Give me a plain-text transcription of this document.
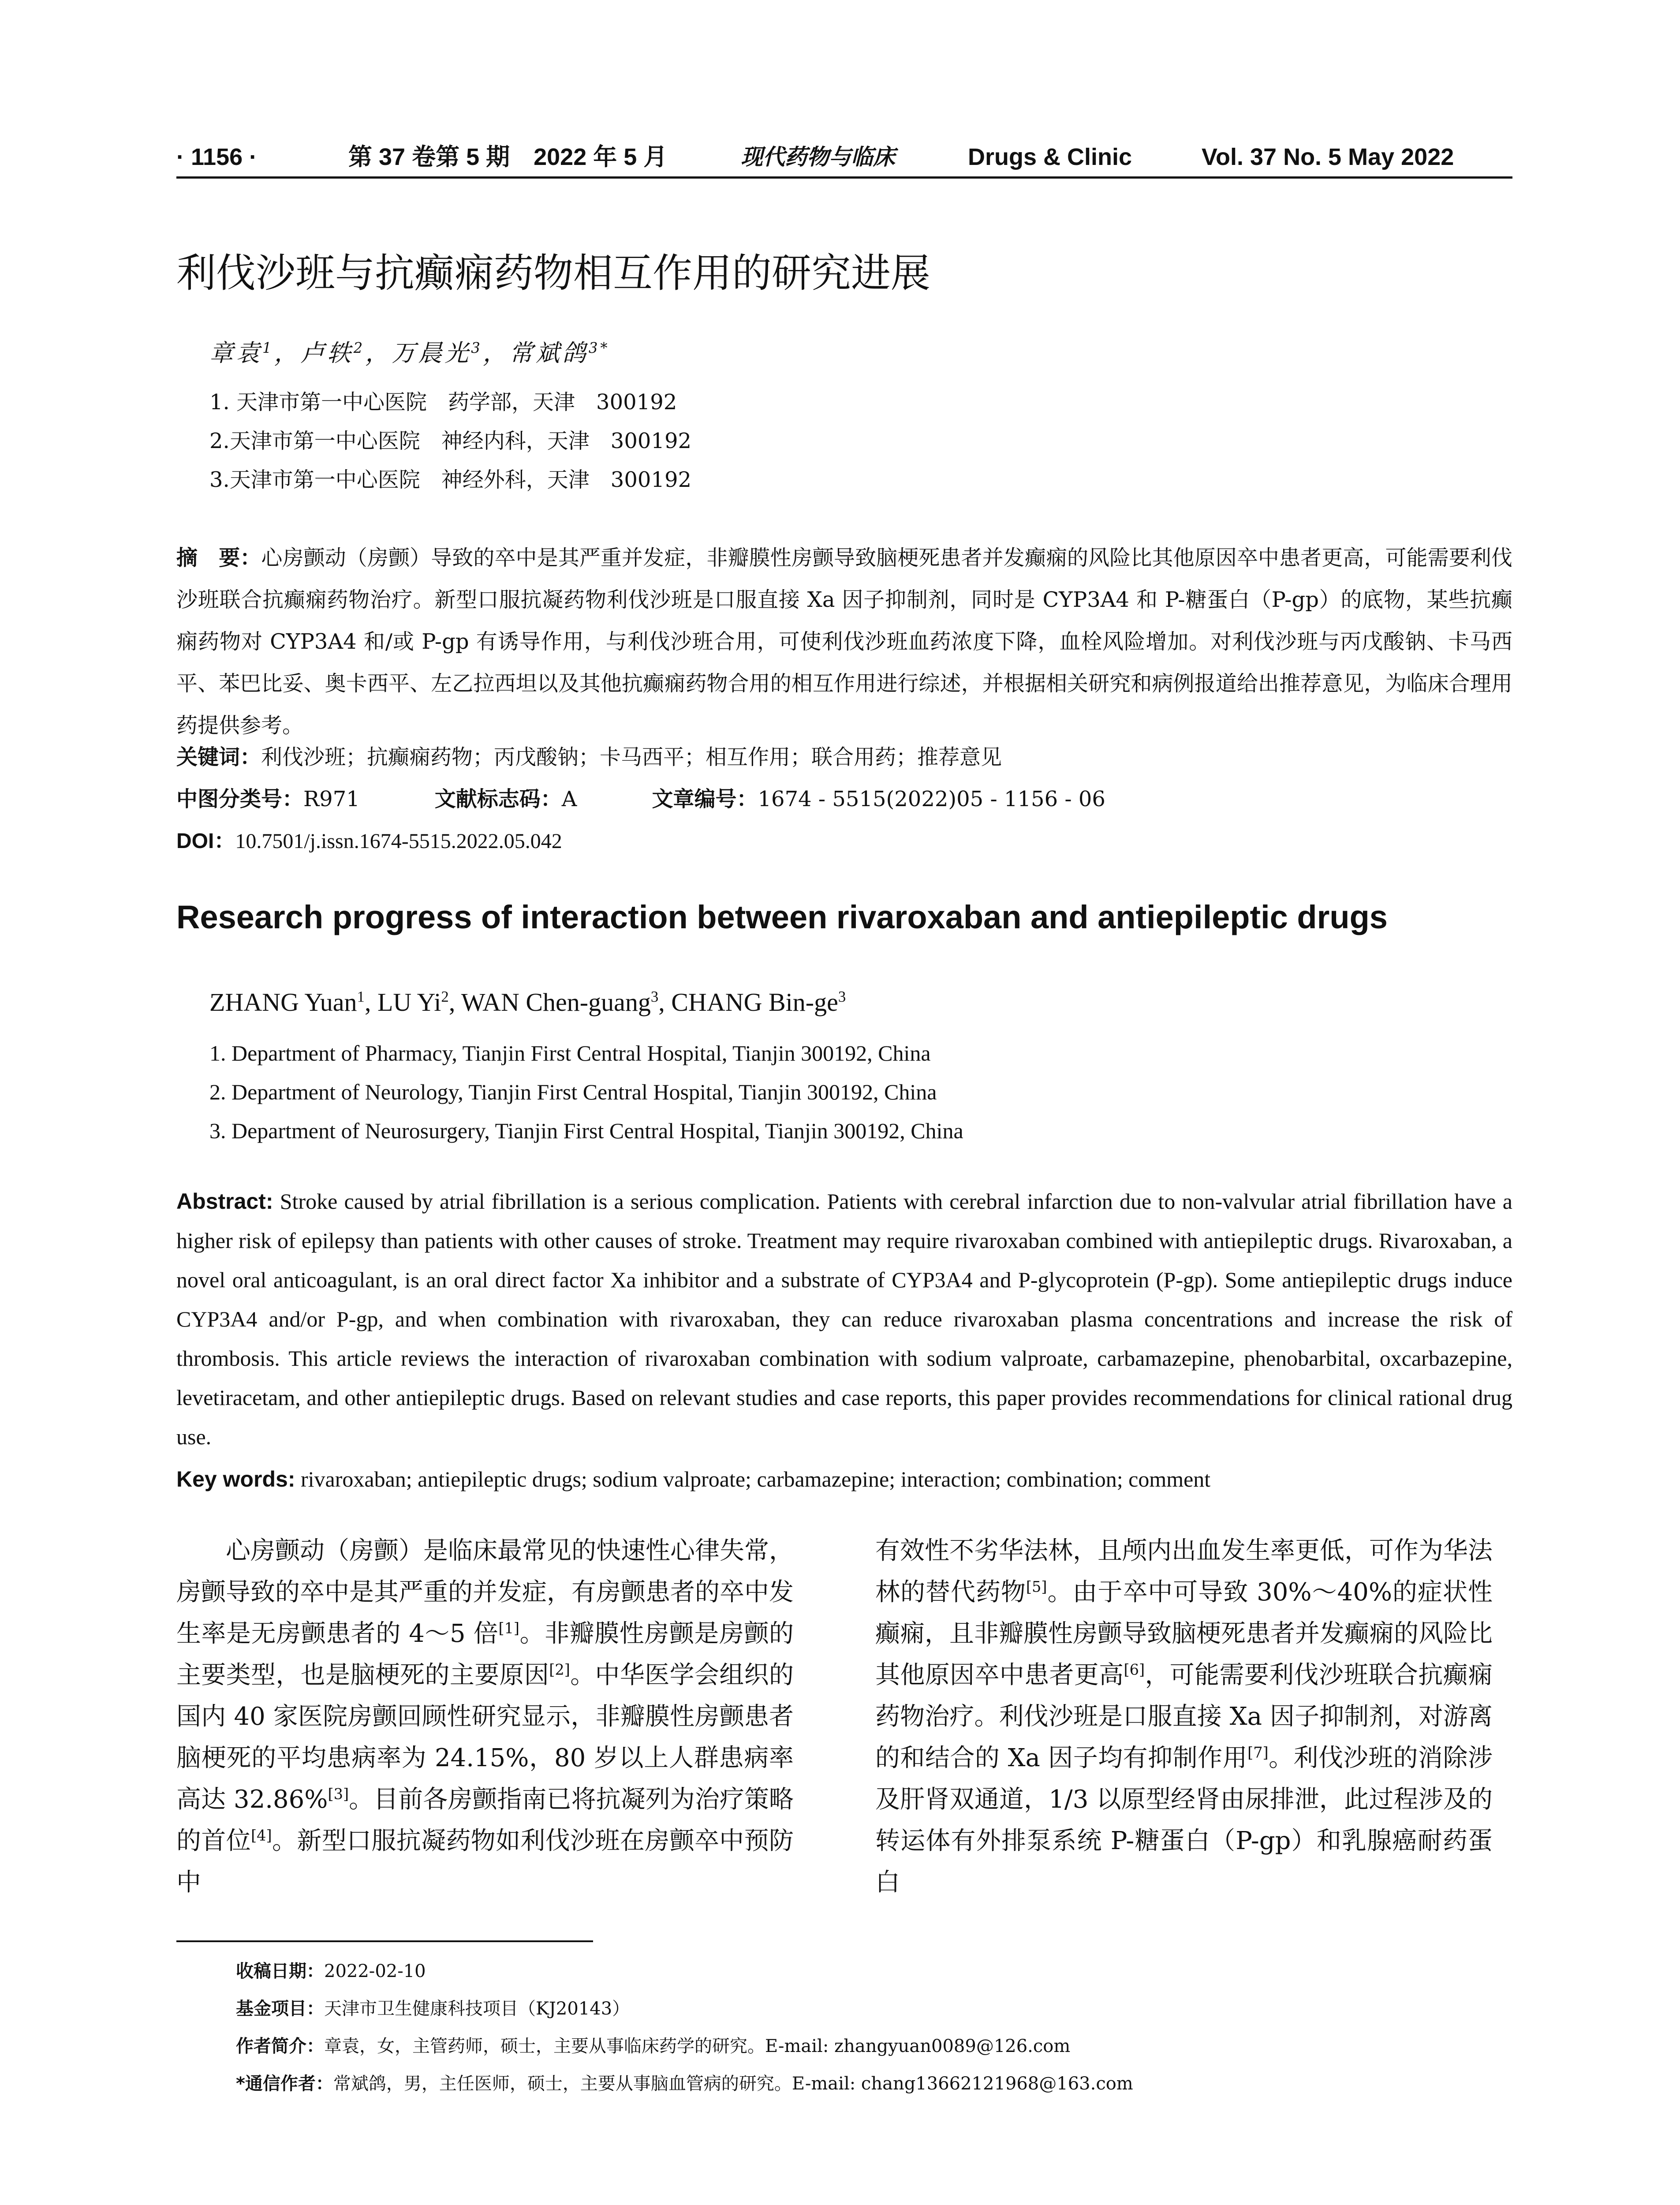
· 1156 ·	第 37 卷第 5 期　2022 年 5 月	现代药物与临床	Drugs & Clinic	Vol. 37 No. 5 May 2022
利伐沙班与抗癫痫药物相互作用的研究进展
章袁$^1$，卢轶$^2$，万晨光$^3$，常斌鸽$^{3*}$
1. 天津市第一中心医院　药学部，天津　300192
2.天津市第一中心医院　神经内科，天津　300192
3.天津市第一中心医院　神经外科，天津　300192
摘　要：心房颤动（房颤）导致的卒中是其严重并发症，非瓣膜性房颤导致脑梗死患者并发癫痫的风险比其他原因卒中患者更高，可能需要利伐沙班联合抗癫痫药物治疗。新型口服抗凝药物利伐沙班是口服直接 Xa 因子抑制剂，同时是 CYP3A4 和 P-糖蛋白（P-gp）的底物，某些抗癫痫药物对 CYP3A4 和/或 P-gp 有诱导作用，与利伐沙班合用，可使利伐沙班血药浓度下降，血栓风险增加。对利伐沙班与丙戊酸钠、卡马西平、苯巴比妥、奥卡西平、左乙拉西坦以及其他抗癫痫药物合用的相互作用进行综述，并根据相关研究和病例报道给出推荐意见，为临床合理用药提供参考。
关键词：利伐沙班；抗癫痫药物；丙戊酸钠；卡马西平；相互作用；联合用药；推荐意见
中图分类号：R971	文献标志码：A	文章编号：1674 - 5515(2022)05 - 1156 - 06
DOI：10.7501/j.issn.1674-5515.2022.05.042
Research progress of interaction between rivaroxaban and antiepileptic drugs
ZHANG Yuan$^1$, LU Yi$^2$, WAN Chen-guang$^3$, CHANG Bin-$ge^3$
1. Department of Pharmacy, Tianjin First Central Hospital, Tianjin 300192, China
2. Department of Neurology, Tianjin First Central Hospital, Tianjin 300192, China
3. Department of Neurosurgery, Tianjin First Central Hospital, Tianjin 300192, China
Abstract: Stroke caused by atrial fibrillation is a serious complication. Patients with cerebral infarction due to non-valvular atrial fibrillation have a higher risk of epilepsy than patients with other causes of stroke. Treatment may require rivaroxaban combined with antiepileptic drugs. Rivaroxaban, a novel oral anticoagulant, is an oral direct factor Xa inhibitor and a substrate of CYP3A4 and P-glycoprotein (P-gp). Some antiepileptic drugs induce CYP3A4 and/or P-gp, and when combination with rivaroxaban, they can reduce rivaroxaban plasma concentrations and increase the risk of thrombosis. This article reviews the interaction of rivaroxaban combination with sodium valproate, carbamazepine, phenobarbital, oxcarbazepine, levetiracetam, and other antiepileptic drugs. Based on relevant studies and case reports, this paper provides recommendations for clinical rational drug use.
Key words: rivaroxaban; antiepileptic drugs; sodium valproate; carbamazepine; interaction; combination; comment
心房颤动（房颤）是临床最常见的快速性心律失常，房颤导致的卒中是其严重的并发症，有房颤患者的卒中发生率是无房颤患者的 4～5 倍[1]。非瓣膜性房颤是房颤的主要类型，也是脑梗死的主要原因[2]。中华医学会组织的国内 40 家医院房颤回顾性研究显示，非瓣膜性房颤患者脑梗死的平均患病率为 24.15%，80 岁以上人群患病率高达 32.86%[3]。目前各房颤指南已将抗凝列为治疗策略的首位[4]。新型口服抗凝药物如利伐沙班在房颤卒中预防中
有效性不劣华法林，且颅内出血发生率更低，可作为华法林的替代药物[5]。由于卒中可导致 30%～40%的症状性癫痫，且非瓣膜性房颤导致脑梗死患者并发癫痫的风险比其他原因卒中患者更高[6]，可能需要利伐沙班联合抗癫痫药物治疗。利伐沙班是口服直接 Xa 因子抑制剂，对游离的和结合的 Xa 因子均有抑制作用[7]。利伐沙班的消除涉及肝肾双通道，1/3 以原型经肾由尿排泄，此过程涉及的转运体有外排泵系统 P-糖蛋白（P-gp）和乳腺癌耐药蛋白
收稿日期：2022-02-10
基金项目：天津市卫生健康科技项目（KJ20143）
作者简介：章袁，女，主管药师，硕士，主要从事临床药学的研究。E-mail: zhangyuan0089@126.com
*通信作者：常斌鸽，男，主任医师，硕士，主要从事脑血管病的研究。E-mail: chang13662121968@163.com
